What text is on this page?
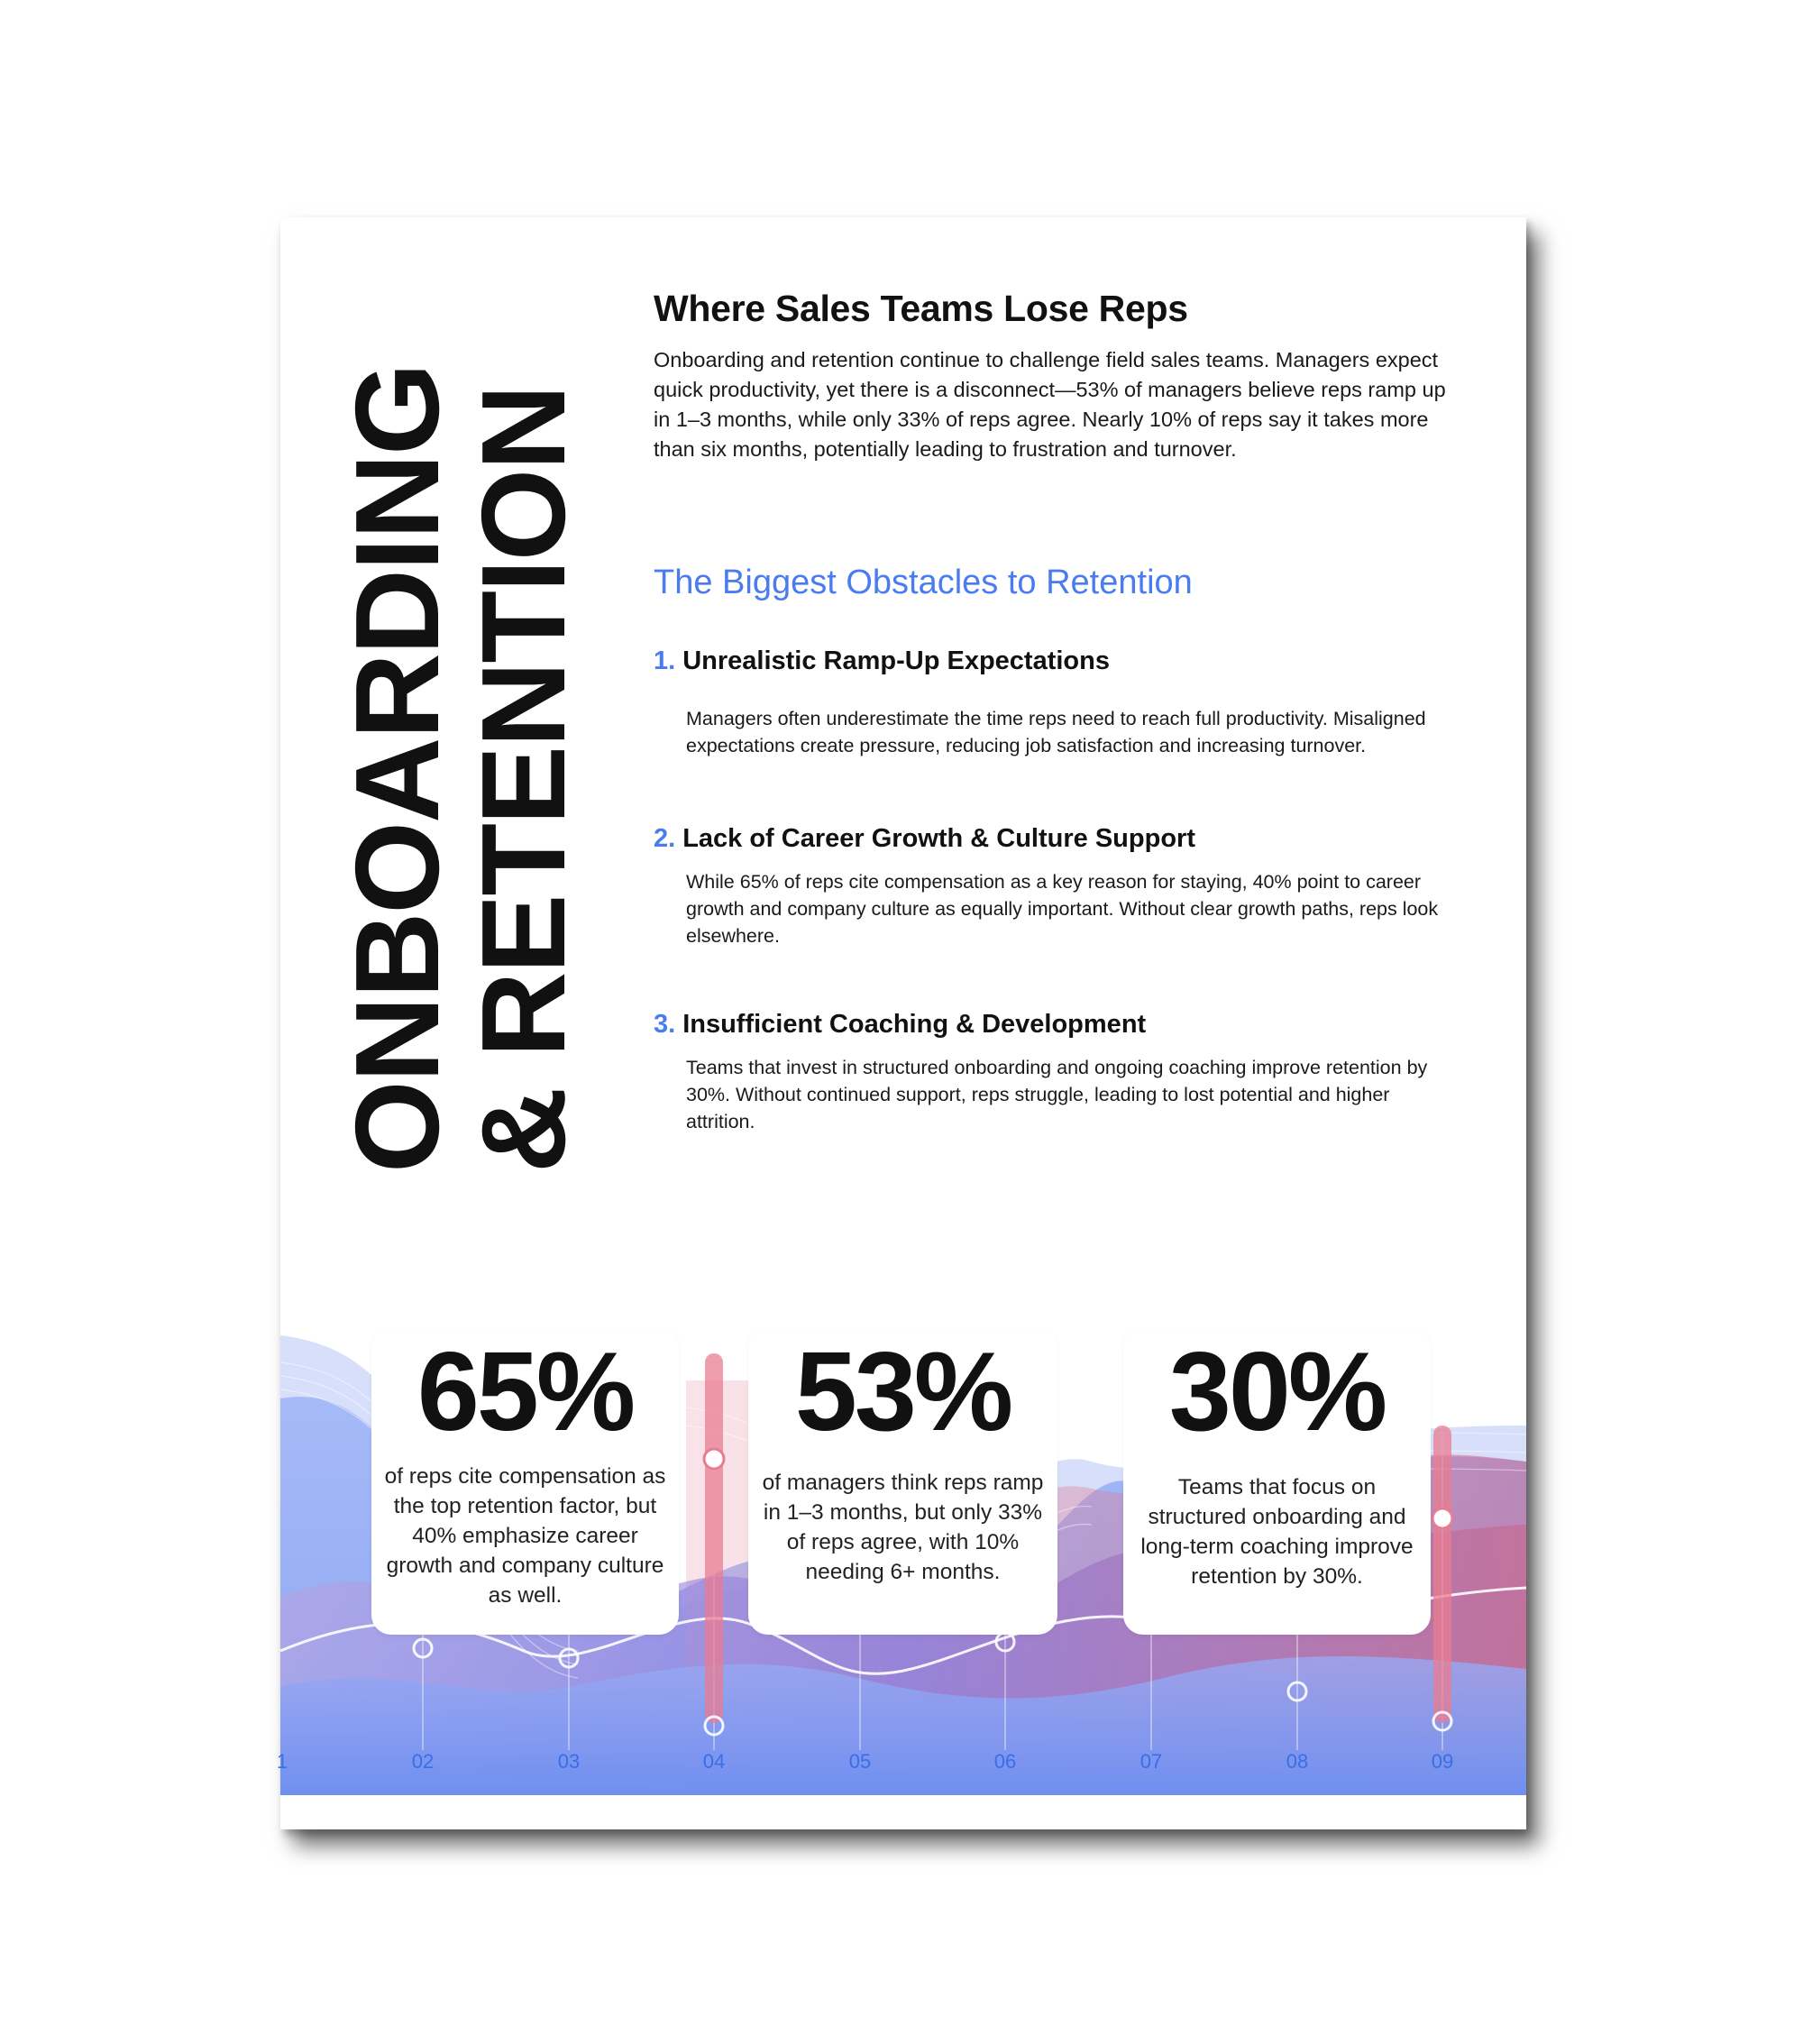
ONBOARDING
& RETENTION
Where Sales Teams Lose Reps

Onboarding and retention continue to challenge field sales teams. Managers expect quick productivity, yet there is a disconnect—53% of managers believe reps ramp up in 1–3 months, while only 33% of reps agree. Nearly 10% of reps say it takes more than six months, potentially leading to frustration and turnover.

The Biggest Obstacles to Retention
1. Unrealistic Ramp-Up Expectations

Managers often underestimate the time reps need to reach full productivity. Misaligned expectations create pressure, reducing job satisfaction and increasing turnover.

2. Lack of Career Growth & Culture Support

While 65% of reps cite compensation as a key reason for staying, 40% point to career growth and company culture as equally important. Without clear growth paths, reps look elsewhere.

3. Insufficient Coaching & Development

Teams that invest in structured onboarding and ongoing coaching improve retention by 30%. Without continued support, reps struggle, leading to lost potential and higher attrition.

1	02	03	04	05	06	07	08	09
65%
of reps cite compensation as the top retention factor, but 40% emphasize career growth and company culture as well.
53%
of managers think reps ramp in 1–3 months, but only 33% of reps agree, with 10% needing 6+ months.
30%
Teams that focus on structured onboarding and long-term coaching improve retention by 30%.
